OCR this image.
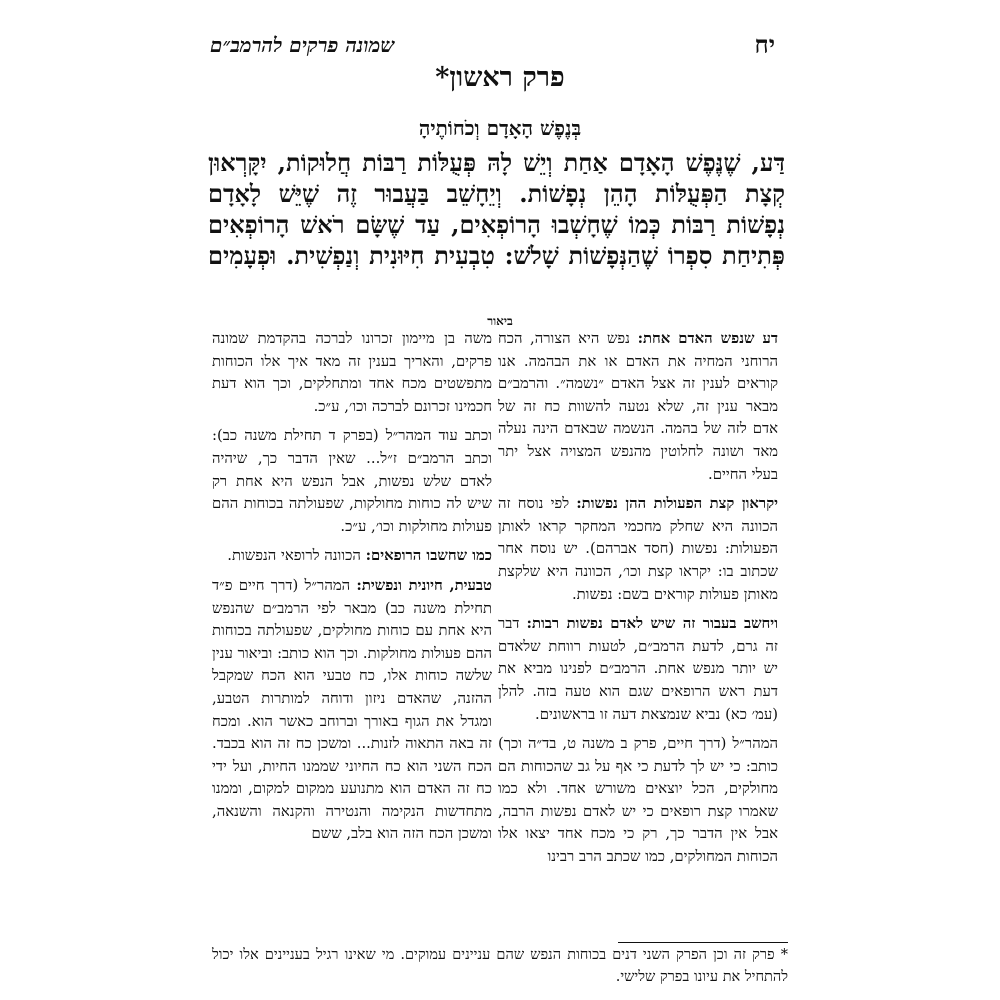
יח
שמונה פרקים להרמב״ם
פרק ראשון*
בְּנֶפֶשׁ הָאָדָם וְכֹחוֹתֶיהָ
דַּע, שֶׁנֶּפֶשׁ הָאָדָם אַחַת וְיֵשׁ לָהּ פְּעֻלּוֹת רַבּוֹת חֲלוּקוֹת, יִקָּרְאוּן
קְצָת הַפְּעֻלּוֹת הָהֵן נְפָשׁוֹת. וְיֵחָשֵׁב בַּעֲבוּר זֶה שֶׁיֵּשׁ לָאָדָם
נְפָשׁוֹת רַבּוֹת כְּמוֹ שֶׁחָשְׁבוּ הָרוֹפְאִים, עַד שֶׁשָּׂם רֹאשׁ הָרוֹפְאִים
פְּתִיחַת סִפְרוֹ שֶׁהַנְּפָשׁוֹת שָׁלֹשׁ: טִבְעִית חִיּוּנִית וְנַפְשִׁית. וּפְעָמִים
ביאור

דע שנפש האדם אחת: נפש היא הצורה, הכח הרוחני המחיה את האדם או את הבהמה. אנו קוראים לענין זה אצל האדם ״נשמה״. והרמב״ם מבאר ענין זה, שלא נטעה להשוות כח זה של אדם לזה של בהמה. הנשמה שבאדם הינה נעלה מאד ושונה לחלוטין מהנפש המצויה אצל יתר בעלי החיים.

יקראון קצת הפעולות ההן נפשות: לפי נוסח זה הכוונה היא שחלק מחכמי המחקר קראו לאותן הפעולות: נפשות (חסד אברהם). יש נוסח אחר שכתוב בו: יקראו קצת וכו׳, הכוונה היא שלקצת מאותן פעולות קוראים בשם: נפשות.

ויחשב בעבור זה שיש לאדם נפשות רבות: דבר זה גרם, לדעת הרמב״ם, לטעות רווחת שלאדם יש יותר מנפש אחת. הרמב״ם לפנינו מביא את דעת ראש הרופאים שגם הוא טעה בזה. להלן (עמ׳ כא) נביא שנמצאת דעה זו בראשונים.

המהר״ל (דרך חיים, פרק ב משנה ט, בד״ה וכך) כותב: כי יש לך לדעת כי אף על גב שהכוחות הם מחולקים, הכל יוצאים משורש אחד. ולא כמו שאמרו קצת רופאים כי יש לאדם נפשות הרבה, אבל אין הדבר כך, רק כי מכח אחד יצאו אלו הכוחות המחולקים, כמו שכתב הרב רבינו

משה בן מיימון זכרונו לברכה בהקדמת שמונה פרקים, והאריך בענין זה מאד איך אלו הכוחות מתפשטים מכח אחד ומתחלקים, וכך הוא דעת חכמינו זכרונם לברכה וכו׳, ע״כ.

וכתב עוד המהר״ל (בפרק ד תחילת משנה כב): וכתב הרמב״ם ז״ל... שאין הדבר כך, שיהיה לאדם שלש נפשות, אבל הנפש היא אחת רק שיש לה כוחות מחולקות, שפעולתה בכוחות ההם פעולות מחולקות וכו׳, ע״כ.

כמו שחשבו הרופאים: הכוונה לרופאי הנפשות.

טבעית, חיונית ונפשית: המהר״ל (דרך חיים פ״ד תחילת משנה כב) מבאר לפי הרמב״ם שהנפש היא אחת עם כוחות מחולקים, שפעולתה בכוחות ההם פעולות מחולקות. וכך הוא כותב: וביאור ענין שלשה כוחות אלו, כח טבעי הוא הכח שמקבל ההזנה, שהאדם ניזון ודוחה למותרות הטבע, ומגדל את הגוף באורך וברוחב כאשר הוא. ומכח זה באה התאוה לזנות... ומשכן כח זה הוא בכבד. הכח השני הוא כח החיוני שממנו החיות, ועל ידי כח זה האדם הוא מתנועע ממקום למקום, וממנו מתחדשות הנקימה והנטירה והקנאה והשנאה, ומשכן הכח הזה הוא בלב, ששם

* פרק זה וכן הפרק השני דנים בכוחות הנפש שהם עניינים עמוקים. מי שאינו רגיל בעניינים אלו יכול להתחיל את עיונו בפרק שלישי.
